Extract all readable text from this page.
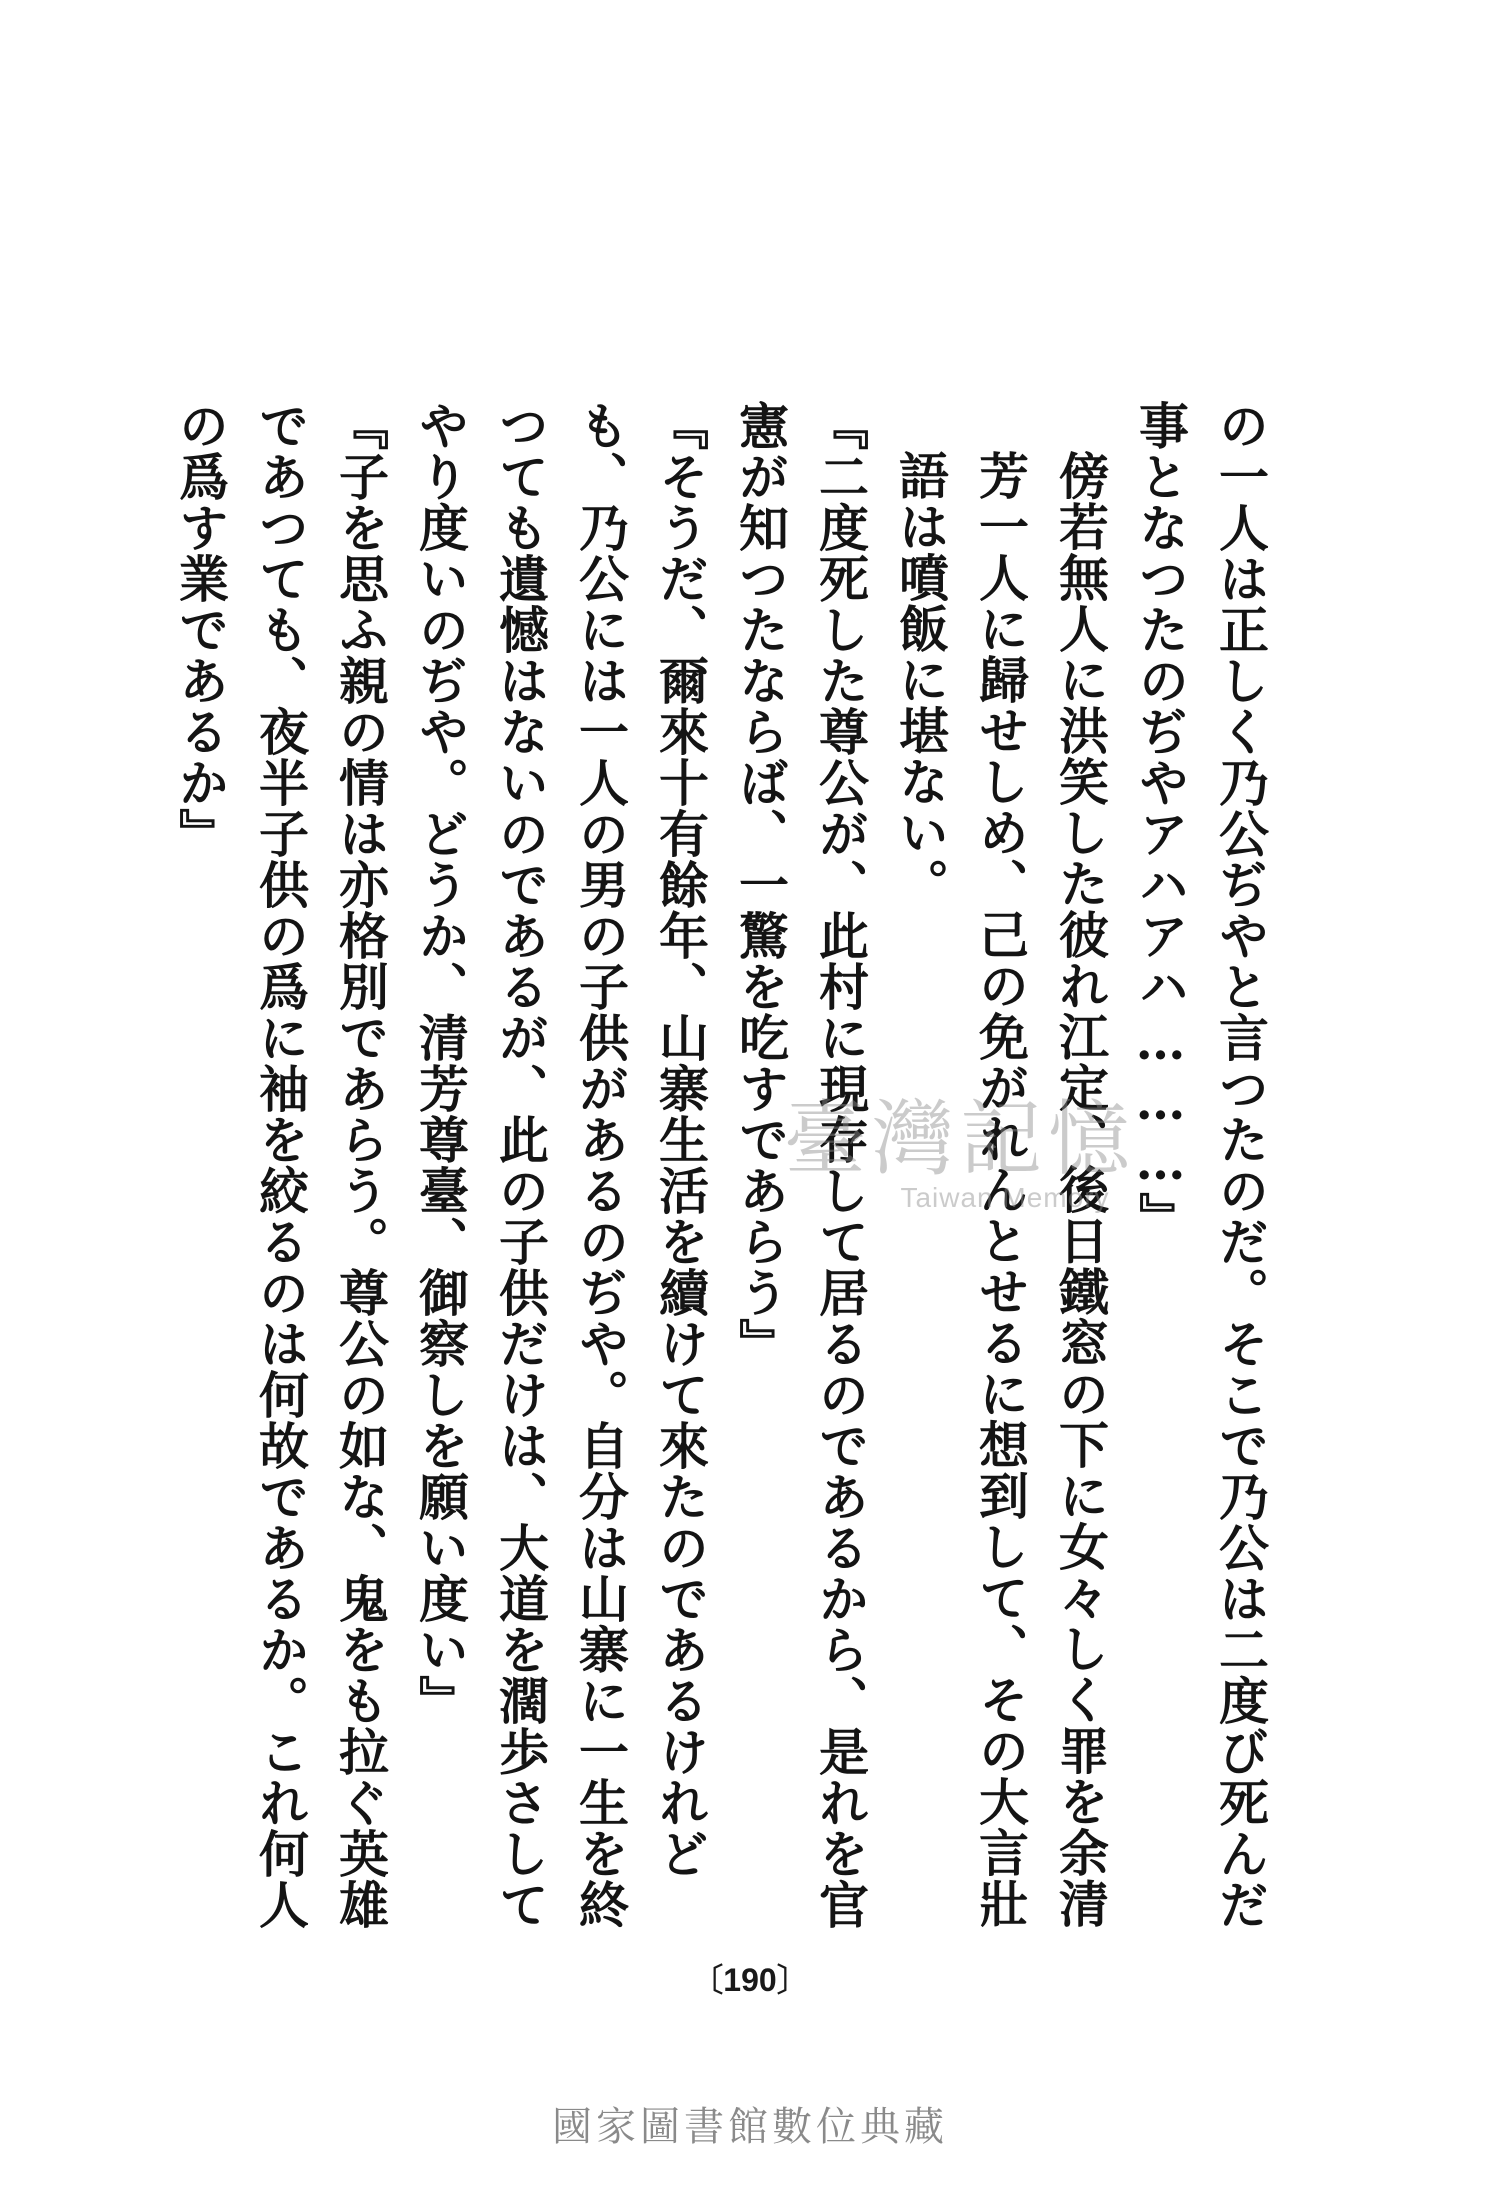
の一人は正しく乃公ぢやと言つたのだ。そこで乃公は二度び死んだ事となつたのぢやアハアハ………』

傍若無人に洪笑した彼れ江定、後日鐵窓の下に女々しく罪を余清芳一人に歸せしめ、己の免がれんとせるに想到して、その大言壯語は噴飯に堪ない。

『二度死した尊公が、此村に現存して居るのであるから、是れを官憲が知つたならば、一驚を吃すであらう』

『そうだ、爾來十有餘年、山寨生活を續けて來たのであるけれども、乃公には一人の男の子供があるのぢや。自分は山寨に一生を終つても遺憾はないのであるが、此の子供だけは、大道を濶歩さしてやり度いのぢや。どうか、清芳尊臺、御察しを願い度い』

『子を思ふ親の情は亦格別であらう。尊公の如な、鬼をも拉ぐ英雄であつても、夜半子供の爲に袖を絞るのは何故であるか。これ何人の爲す業であるか』

臺灣記憶
Taiwan Memory
〔190〕
國家圖書館數位典藏
